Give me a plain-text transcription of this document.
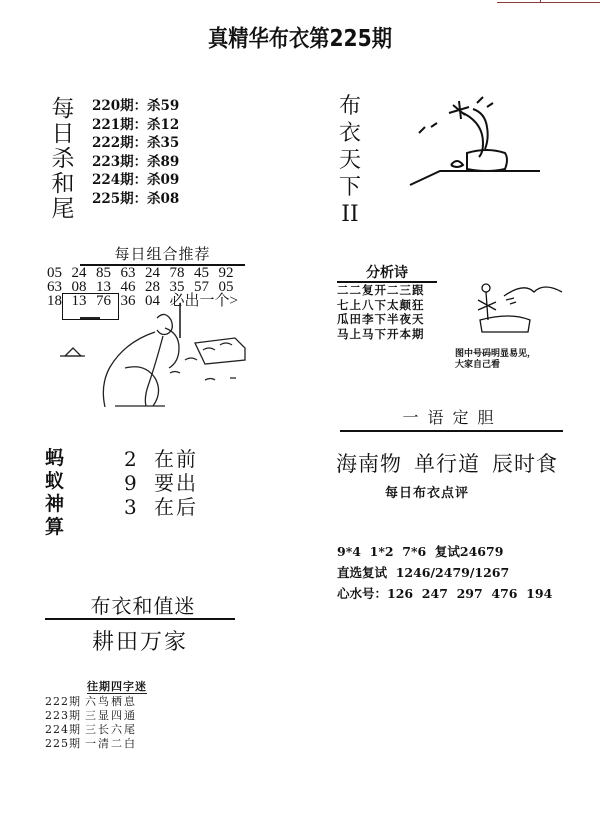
真精华布衣第225期
每
日
杀
和
尾
220期：杀59
221期：杀12
222期：杀35
223期：杀89
224期：杀09
225期：杀08
每日组合推荐
05 24 85 63 24 78 45 92
63 08 13 46 28 35 57 05
18 13 76 36 04 必出一个>
蚂
蚁
神
算
2 在前
9 要出
3 在后
布衣和值迷
耕田万家
往期四字迷
222期 六鸟栖息
223期 三显四通
224期 三长六尾
225期 一清二白
布
衣
天
下
II
分析诗
二二复开二三跟
七上八下太颠狂
瓜田李下半夜天
马上马下开本期
图中号码明显易见，
大家自己看
一语定胆
海南物 单行道 辰时食
每日布衣点评
9*4  1*2  7*6  复试24679
直选复试  1246/2479/1267
心水号：126  247  297  476  194
